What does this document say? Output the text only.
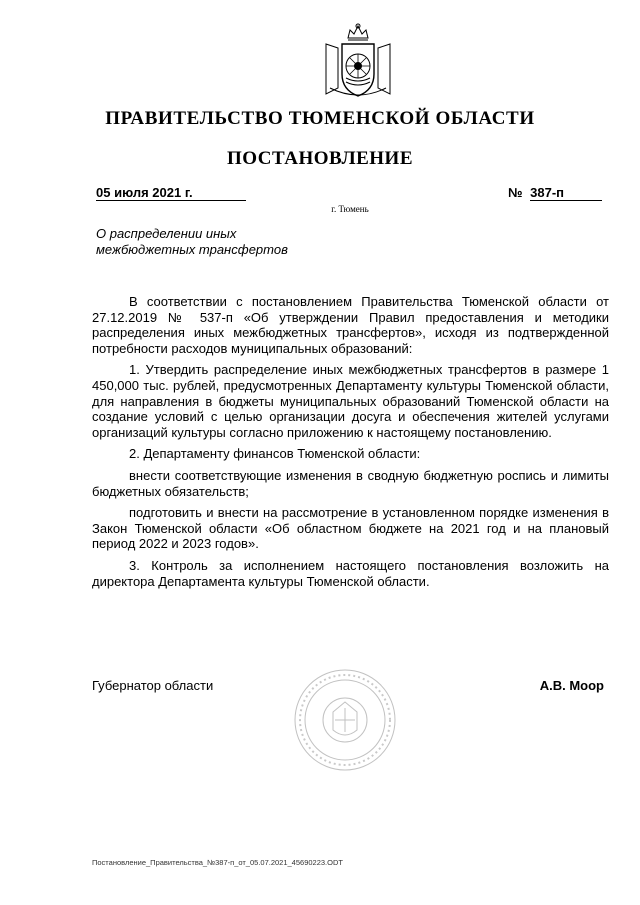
ПРАВИТЕЛЬСТВО ТЮМЕНСКОЙ ОБЛАСТИ
ПОСТАНОВЛЕНИЕ
05 июля 2021 г.	№ 387-п
г. Тюмень
О распределении иных
межбюджетных трансфертов

В соответствии с постановлением Правительства Тюменской области от 27.12.2019 № 537-п «Об утверждении Правил предоставления и методики распределения иных межбюджетных трансфертов», исходя из подтвержденной потребности расходов муниципальных образований:

1. Утвердить распределение иных межбюджетных трансфертов в размере 1 450,000 тыс. рублей, предусмотренных Департаменту культуры Тюменской области, для направления в бюджеты муниципальных образований Тюменской области на создание условий с целью организации досуга и обеспечения жителей услугами организаций культуры согласно приложению к настоящему постановлению.

2. Департаменту финансов Тюменской области:

внести соответствующие изменения в сводную бюджетную роспись и лимиты бюджетных обязательств;

подготовить и внести на рассмотрение в установленном порядке изменения в Закон Тюменской области «Об областном бюджете на 2021 год и на плановый период 2022 и 2023 годов».

3. Контроль за исполнением настоящего постановления возложить на директора Департамента культуры Тюменской области.

Губернатор области	А.В. Моор
Постановление_Правительства_№387-п_от_05.07.2021_45690223.ODT
